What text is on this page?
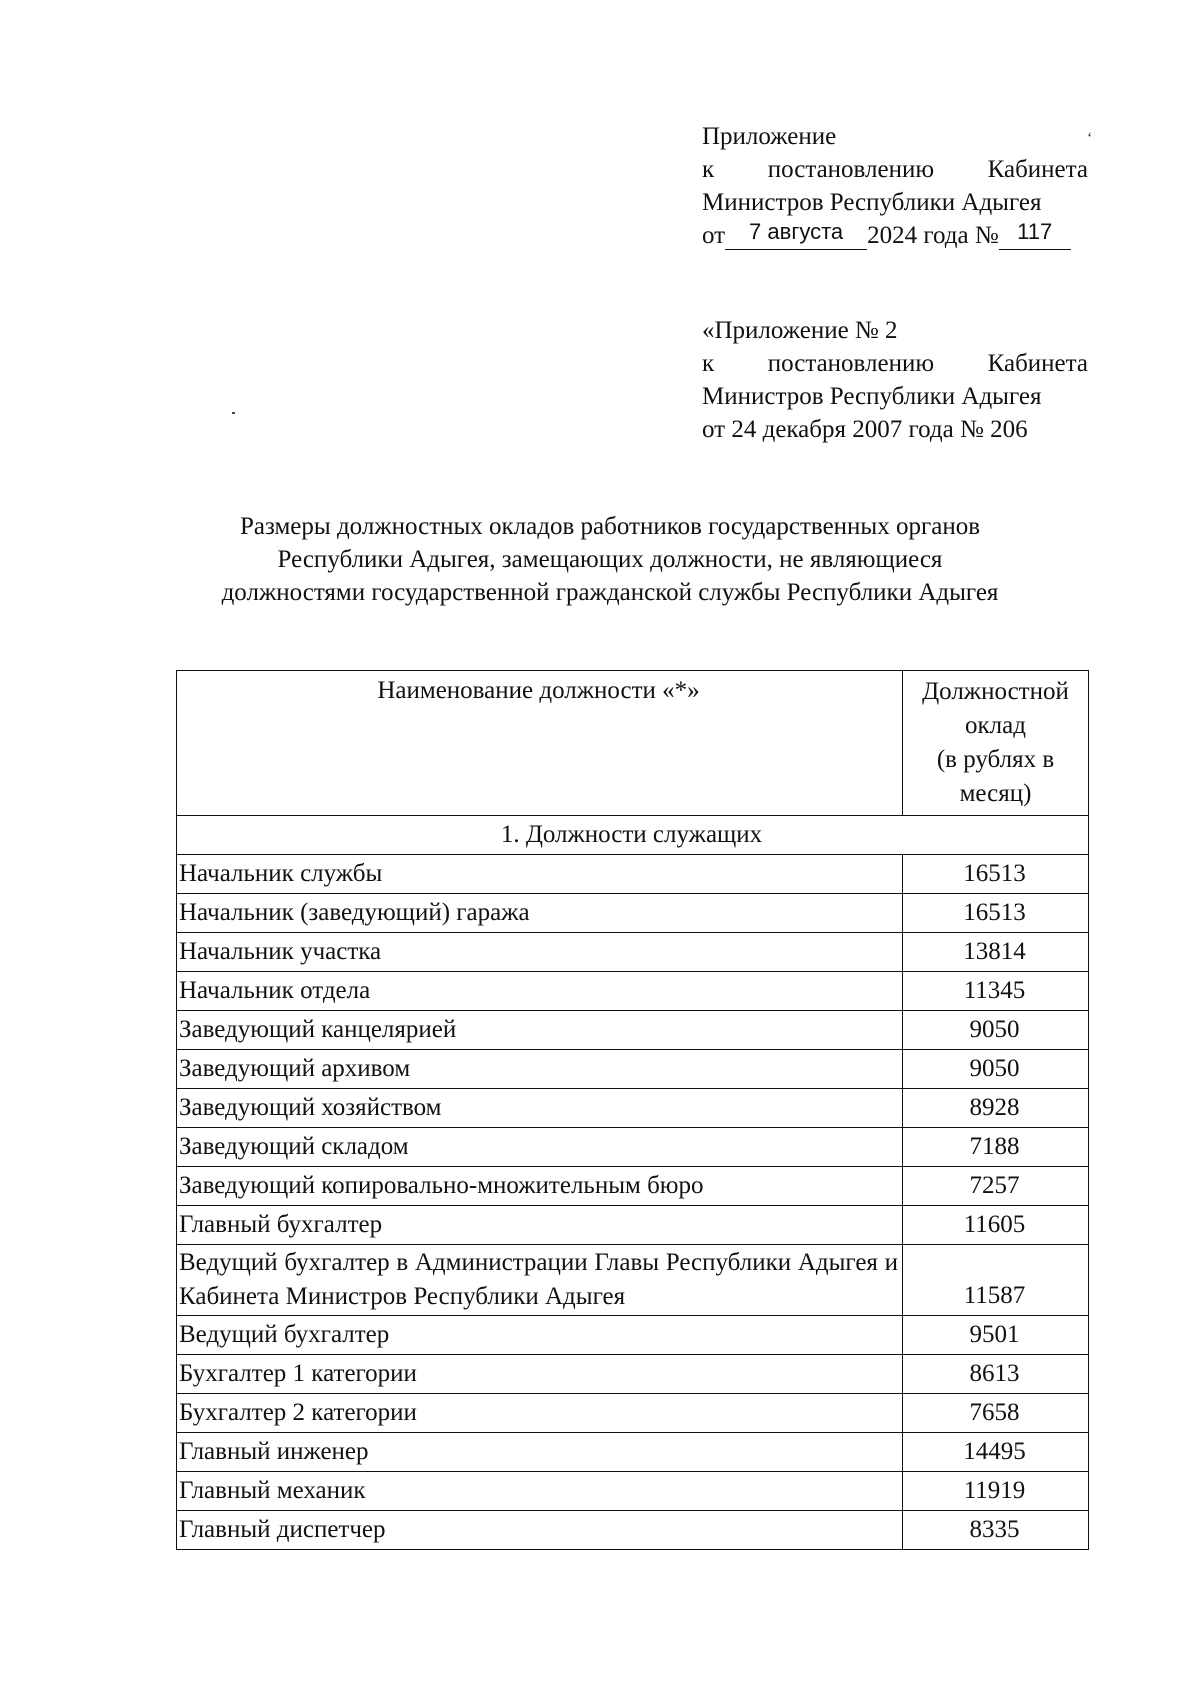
Приложение
к постановлению Кабинета
Министров Республики Адыгея
от 7 августа 2024 года № 117
ʻ
«Приложение № 2
к постановлению Кабинета
Министров Республики Адыгея
от 24 декабря 2007 года № 206
Размеры должностных окладов работников государственных органов
Республики Адыгея, замещающих должности, не являющиеся
должностями государственной гражданской службы Республики Адыгея
Наименование должности «*»	Должностной
оклад
(в рублях в
месяц)

1. Должности служащих	
Начальник службы	16513
Начальник (заведующий) гаража	16513
Начальник участка	13814
Начальник отдела	11345
Заведующий канцелярией	9050
Заведующий архивом	9050
Заведующий хозяйством	8928
Заведующий складом	7188
Заведующий копировально-множительным бюро	7257
Главный бухгалтер	11605
Ведущий бухгалтер в Администрации Главы Республики Адыгея и Кабинета Министров Республики Адыгея	11587
Ведущий бухгалтер	9501
Бухгалтер 1 категории	8613
Бухгалтер 2 категории	7658
Главный инженер	14495
Главный механик	11919
Главный диспетчер	8335
